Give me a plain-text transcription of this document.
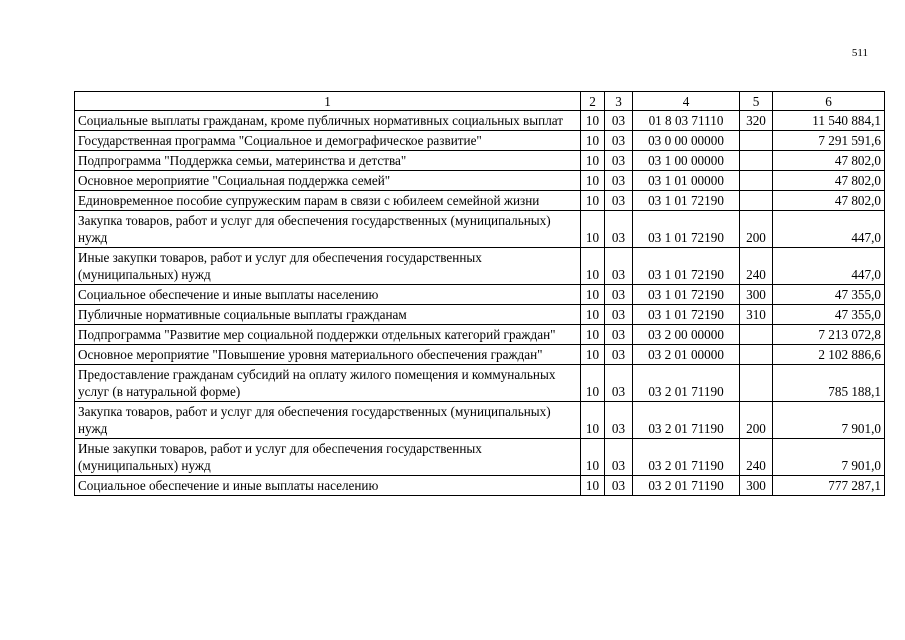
511
1	2	3	4	5	6
Социальные выплаты гражданам, кроме публичных нормативных социальных выплат	10	03	01 8 03 71110	320	11 540 884,1
Государственная программа "Социальное и демографическое развитие"	10	03	03 0 00 00000		7 291 591,6
Подпрограмма "Поддержка семьи, материнства и детства"	10	03	03 1 00 00000		47 802,0
Основное мероприятие "Социальная поддержка семей"	10	03	03 1 01 00000		47 802,0
Единовременное пособие супружеским парам в связи с юбилеем семейной жизни	10	03	03 1 01 72190		47 802,0
Закупка товаров, работ и услуг для обеспечения государственных (муниципальных) нужд	10	03	03 1 01 72190	200	447,0
Иные закупки товаров, работ и услуг для обеспечения государственных (муниципальных) нужд	10	03	03 1 01 72190	240	447,0
Социальное обеспечение и иные выплаты населению	10	03	03 1 01 72190	300	47 355,0
Публичные нормативные социальные выплаты гражданам	10	03	03 1 01 72190	310	47 355,0
Подпрограмма "Развитие мер социальной поддержки отдельных категорий граждан"	10	03	03 2 00 00000		7 213 072,8
Основное мероприятие "Повышение уровня материального обеспечения граждан"	10	03	03 2 01 00000		2 102 886,6
Предоставление гражданам субсидий на оплату жилого помещения и коммунальных услуг (в натуральной форме)	10	03	03 2 01 71190		785 188,1
Закупка товаров, работ и услуг для обеспечения государственных (муниципальных) нужд	10	03	03 2 01 71190	200	7 901,0
Иные закупки товаров, работ и услуг для обеспечения государственных (муниципальных) нужд	10	03	03 2 01 71190	240	7 901,0
Социальное обеспечение и иные выплаты населению	10	03	03 2 01 71190	300	777 287,1
